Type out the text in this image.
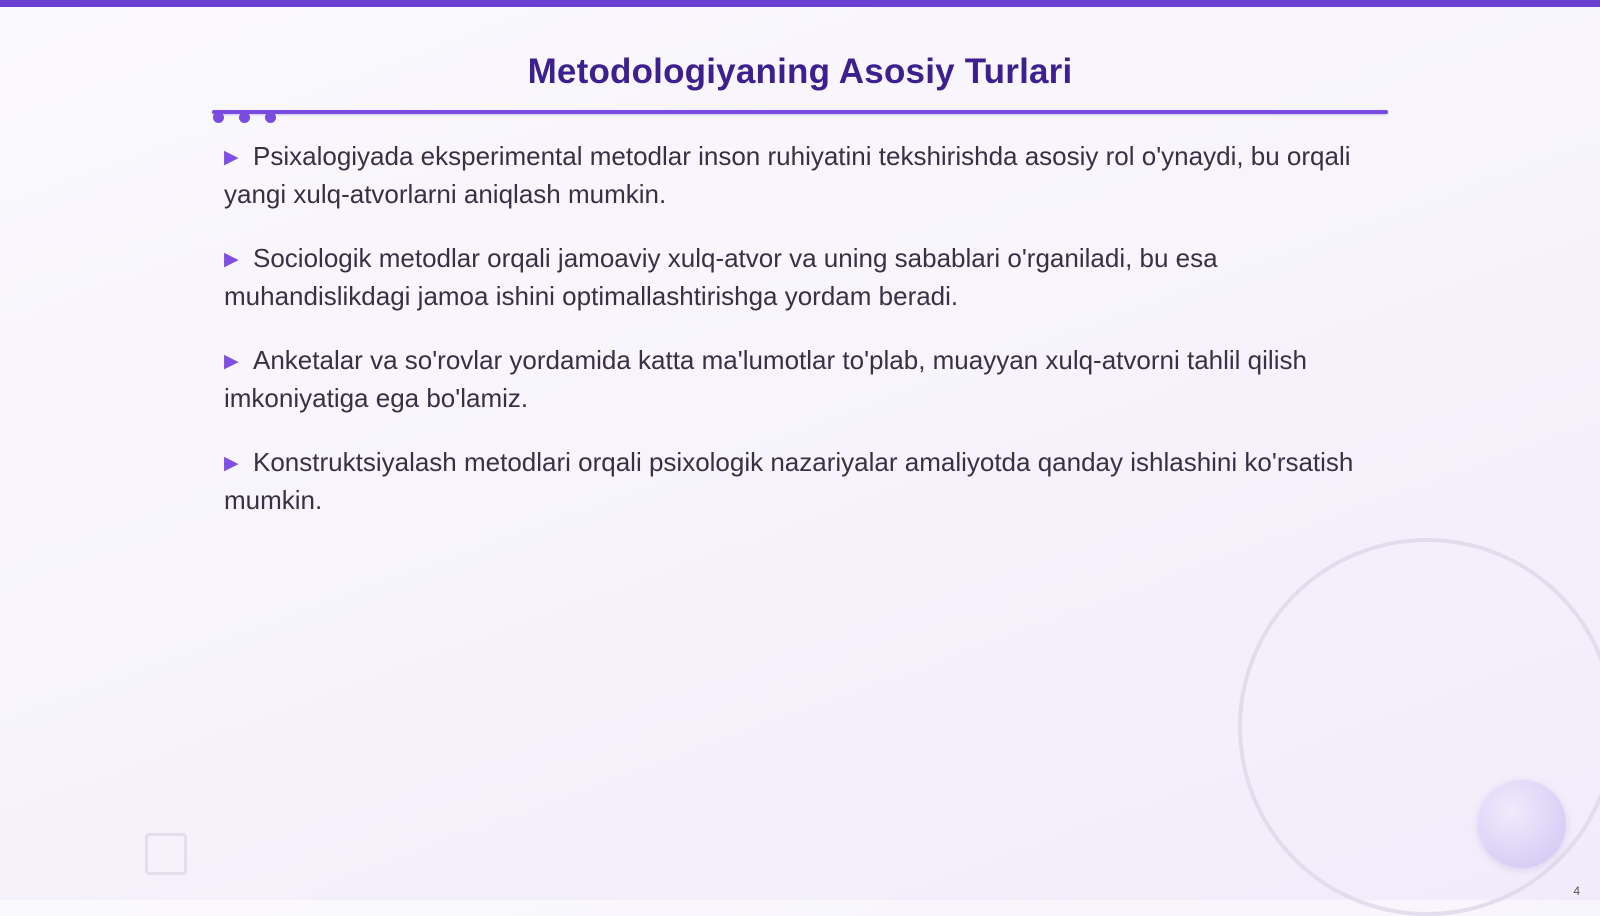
Metodologiyaning Asosiy Turlari
▶ Psixalogiyada eksperimental metodlar inson ruhiyatini tekshirishda asosiy rol o'ynaydi, bu orqali yangi xulq-atvorlarni aniqlash mumkin.
▶ Sociologik metodlar orqali jamoaviy xulq-atvor va uning sabablari o'rganiladi, bu esa muhandislikdagi jamoa ishini optimallashtirishga yordam beradi.
▶ Anketalar va so'rovlar yordamida katta ma'lumotlar to'plab, muayyan xulq-atvorni tahlil qilish imkoniyatiga ega bo'lamiz.
▶ Konstruktsiyalash metodlari orqali psixologik nazariyalar amaliyotda qanday ishlashini ko'rsatish mumkin.
4
